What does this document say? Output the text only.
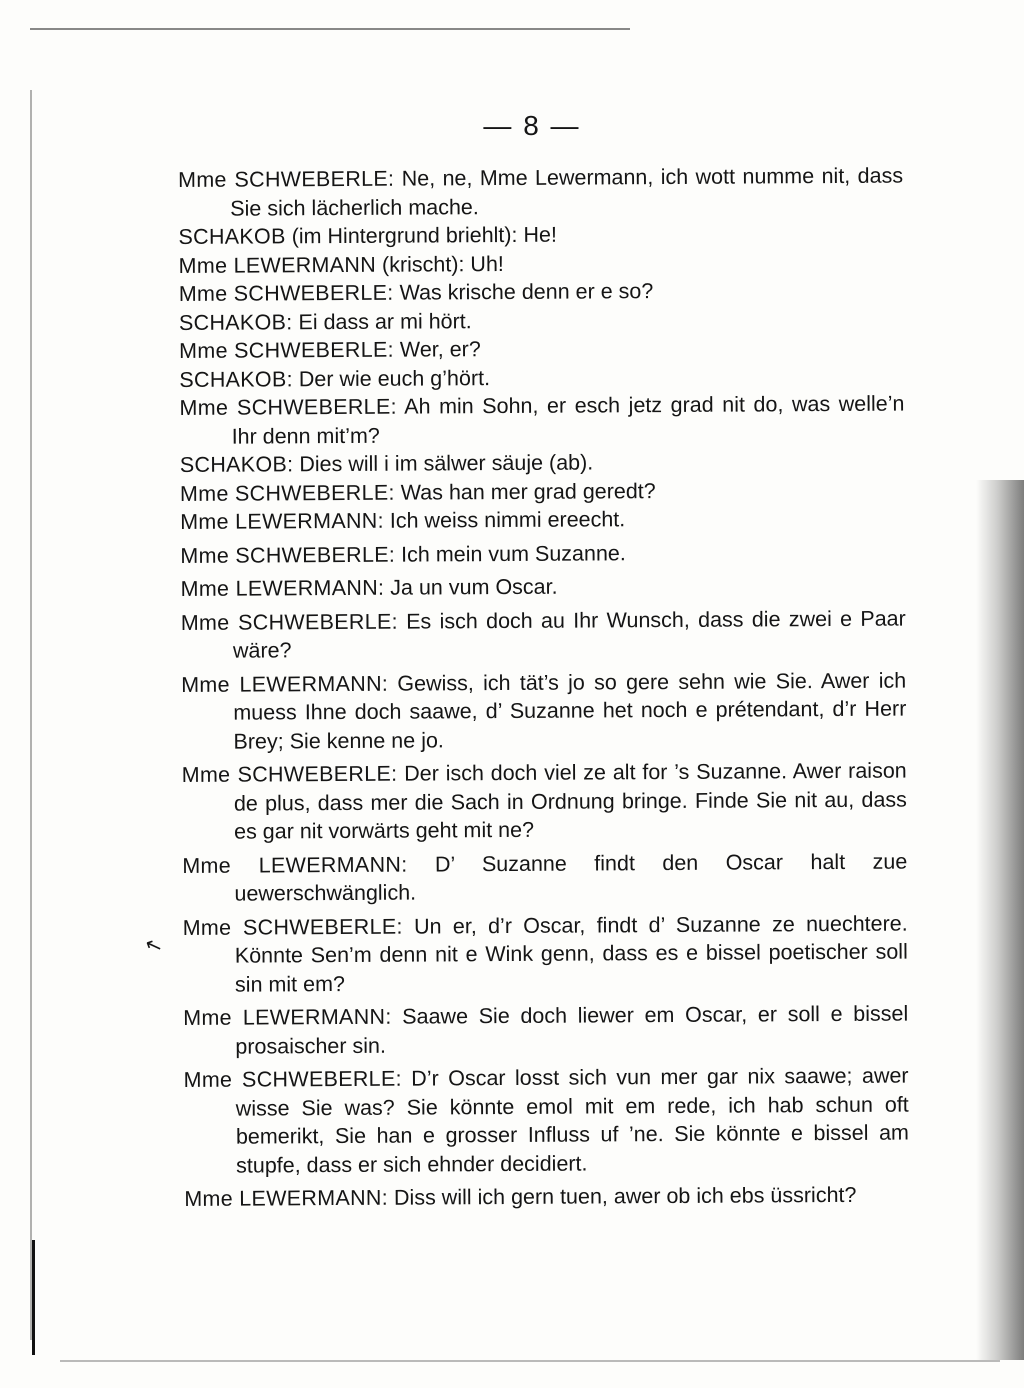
↖
— 8 —

Mme SCHWEBERLE: Ne, ne, Mme Lewermann, ich wott numme nit, dass Sie sich lächerlich mache.

SCHAKOB (im Hintergrund briehlt): He!

Mme LEWERMANN (krischt): Uh!

Mme SCHWEBERLE: Was krische denn er e so?

SCHAKOB: Ei dass ar mi hört.

Mme SCHWEBERLE: Wer, er?

SCHAKOB: Der wie euch g’hört.

Mme SCHWEBERLE: Ah min Sohn, er esch jetz grad nit do, was welle’n Ihr denn mit’m?

SCHAKOB: Dies will i im sälwer säuje (ab).

Mme SCHWEBERLE: Was han mer grad geredt?

Mme LEWERMANN: Ich weiss nimmi ereecht.

Mme SCHWEBERLE: Ich mein vum Suzanne.

Mme LEWERMANN: Ja un vum Oscar.

Mme SCHWEBERLE: Es isch doch au Ihr Wunsch, dass die zwei e Paar wäre?

Mme LEWERMANN: Gewiss, ich tät’s jo so gere sehn wie Sie. Awer ich muess Ihne doch saawe, d’ Suzanne het noch e prétendant, d’r Herr Brey; Sie kenne ne jo.

Mme SCHWEBERLE: Der isch doch viel ze alt for ’s Suzanne. Awer raison de plus, dass mer die Sach in Ordnung bringe. Finde Sie nit au, dass es gar nit vorwärts geht mit ne?

Mme LEWERMANN: D’ Suzanne findt den Oscar halt zue uewerschwänglich.

Mme SCHWEBERLE: Un er, d’r Oscar, findt d’ Suzanne ze nuechtere. Könnte Sen’m denn nit e Wink genn, dass es e bissel poetischer soll sin mit em?

Mme LEWERMANN: Saawe Sie doch liewer em Oscar, er soll e bissel prosaischer sin.

Mme SCHWEBERLE: D’r Oscar losst sich vun mer gar nix saawe; awer wisse Sie was? Sie könnte emol mit em rede, ich hab schun oft bemerikt, Sie han e grosser Influss uf ’ne. Sie könnte e bissel am stupfe, dass er sich ehnder decidiert.

Mme LEWERMANN: Diss will ich gern tuen, awer ob ich ebs üssricht?
